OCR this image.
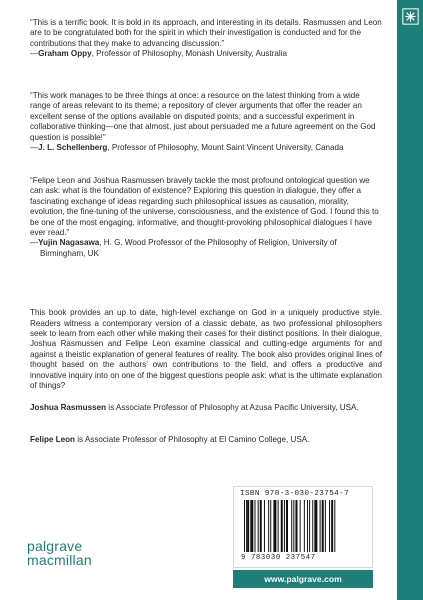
“This is a terrific book. It is bold in its approach, and interesting in its details. Rasmussen and Leon are to be congratulated both for the spirit in which their investigation is conducted and for the contributions that they make to advancing discussion.”

—Graham Oppy, Professor of Philosophy, Monash University, Australia

“This work manages to be three things at once: a resource on the latest thinking from a wide range of areas relevant to its theme; a repository of clever arguments that offer the reader an excellent sense of the options available on disputed points; and a successful experiment in collaborative thinking—one that almost, just about persuaded me a future agreement on the God question is possible!”

—J. L. Schellenberg, Professor of Philosophy, Mount Saint Vincent University, Canada

“Felipe Leon and Joshua Rasmussen bravely tackle the most profound ontological question we can ask: what is the foundation of existence? Exploring this question in dialogue, they offer a fascinating exchange of ideas regarding such philosophical issues as causation, morality, evolution, the fine-tuning of the universe, consciousness, and the existence of God. I found this to be one of the most engaging, informative, and thought-provoking philosophical dialogues I have ever read.”

—Yujin Nagasawa, H. G. Wood Professor of the Philosophy of Religion, University of Birmingham, UK

This book provides an up to date, high-level exchange on God in a uniquely productive style. Readers witness a contemporary version of a classic debate, as two professional philosophers seek to learn from each other while making their cases for their distinct positions. In their dialogue, Joshua Rasmussen and Felipe Leon examine classical and cutting-edge arguments for and against a theistic explanation of general features of reality. The book also provides original lines of thought based on the authors’ own contributions to the field, and offers a productive and innovative inquiry into on one of the biggest questions people ask: what is the ultimate explanation of things?

Joshua Rasmussen is Associate Professor of Philosophy at Azusa Pacific University, USA.

Felipe Leon is Associate Professor of Philosophy at El Camino College, USA.

palgrave
macmillan
ISBN 978-3-030-23754-7
9 783030 237547
www.palgrave.com
